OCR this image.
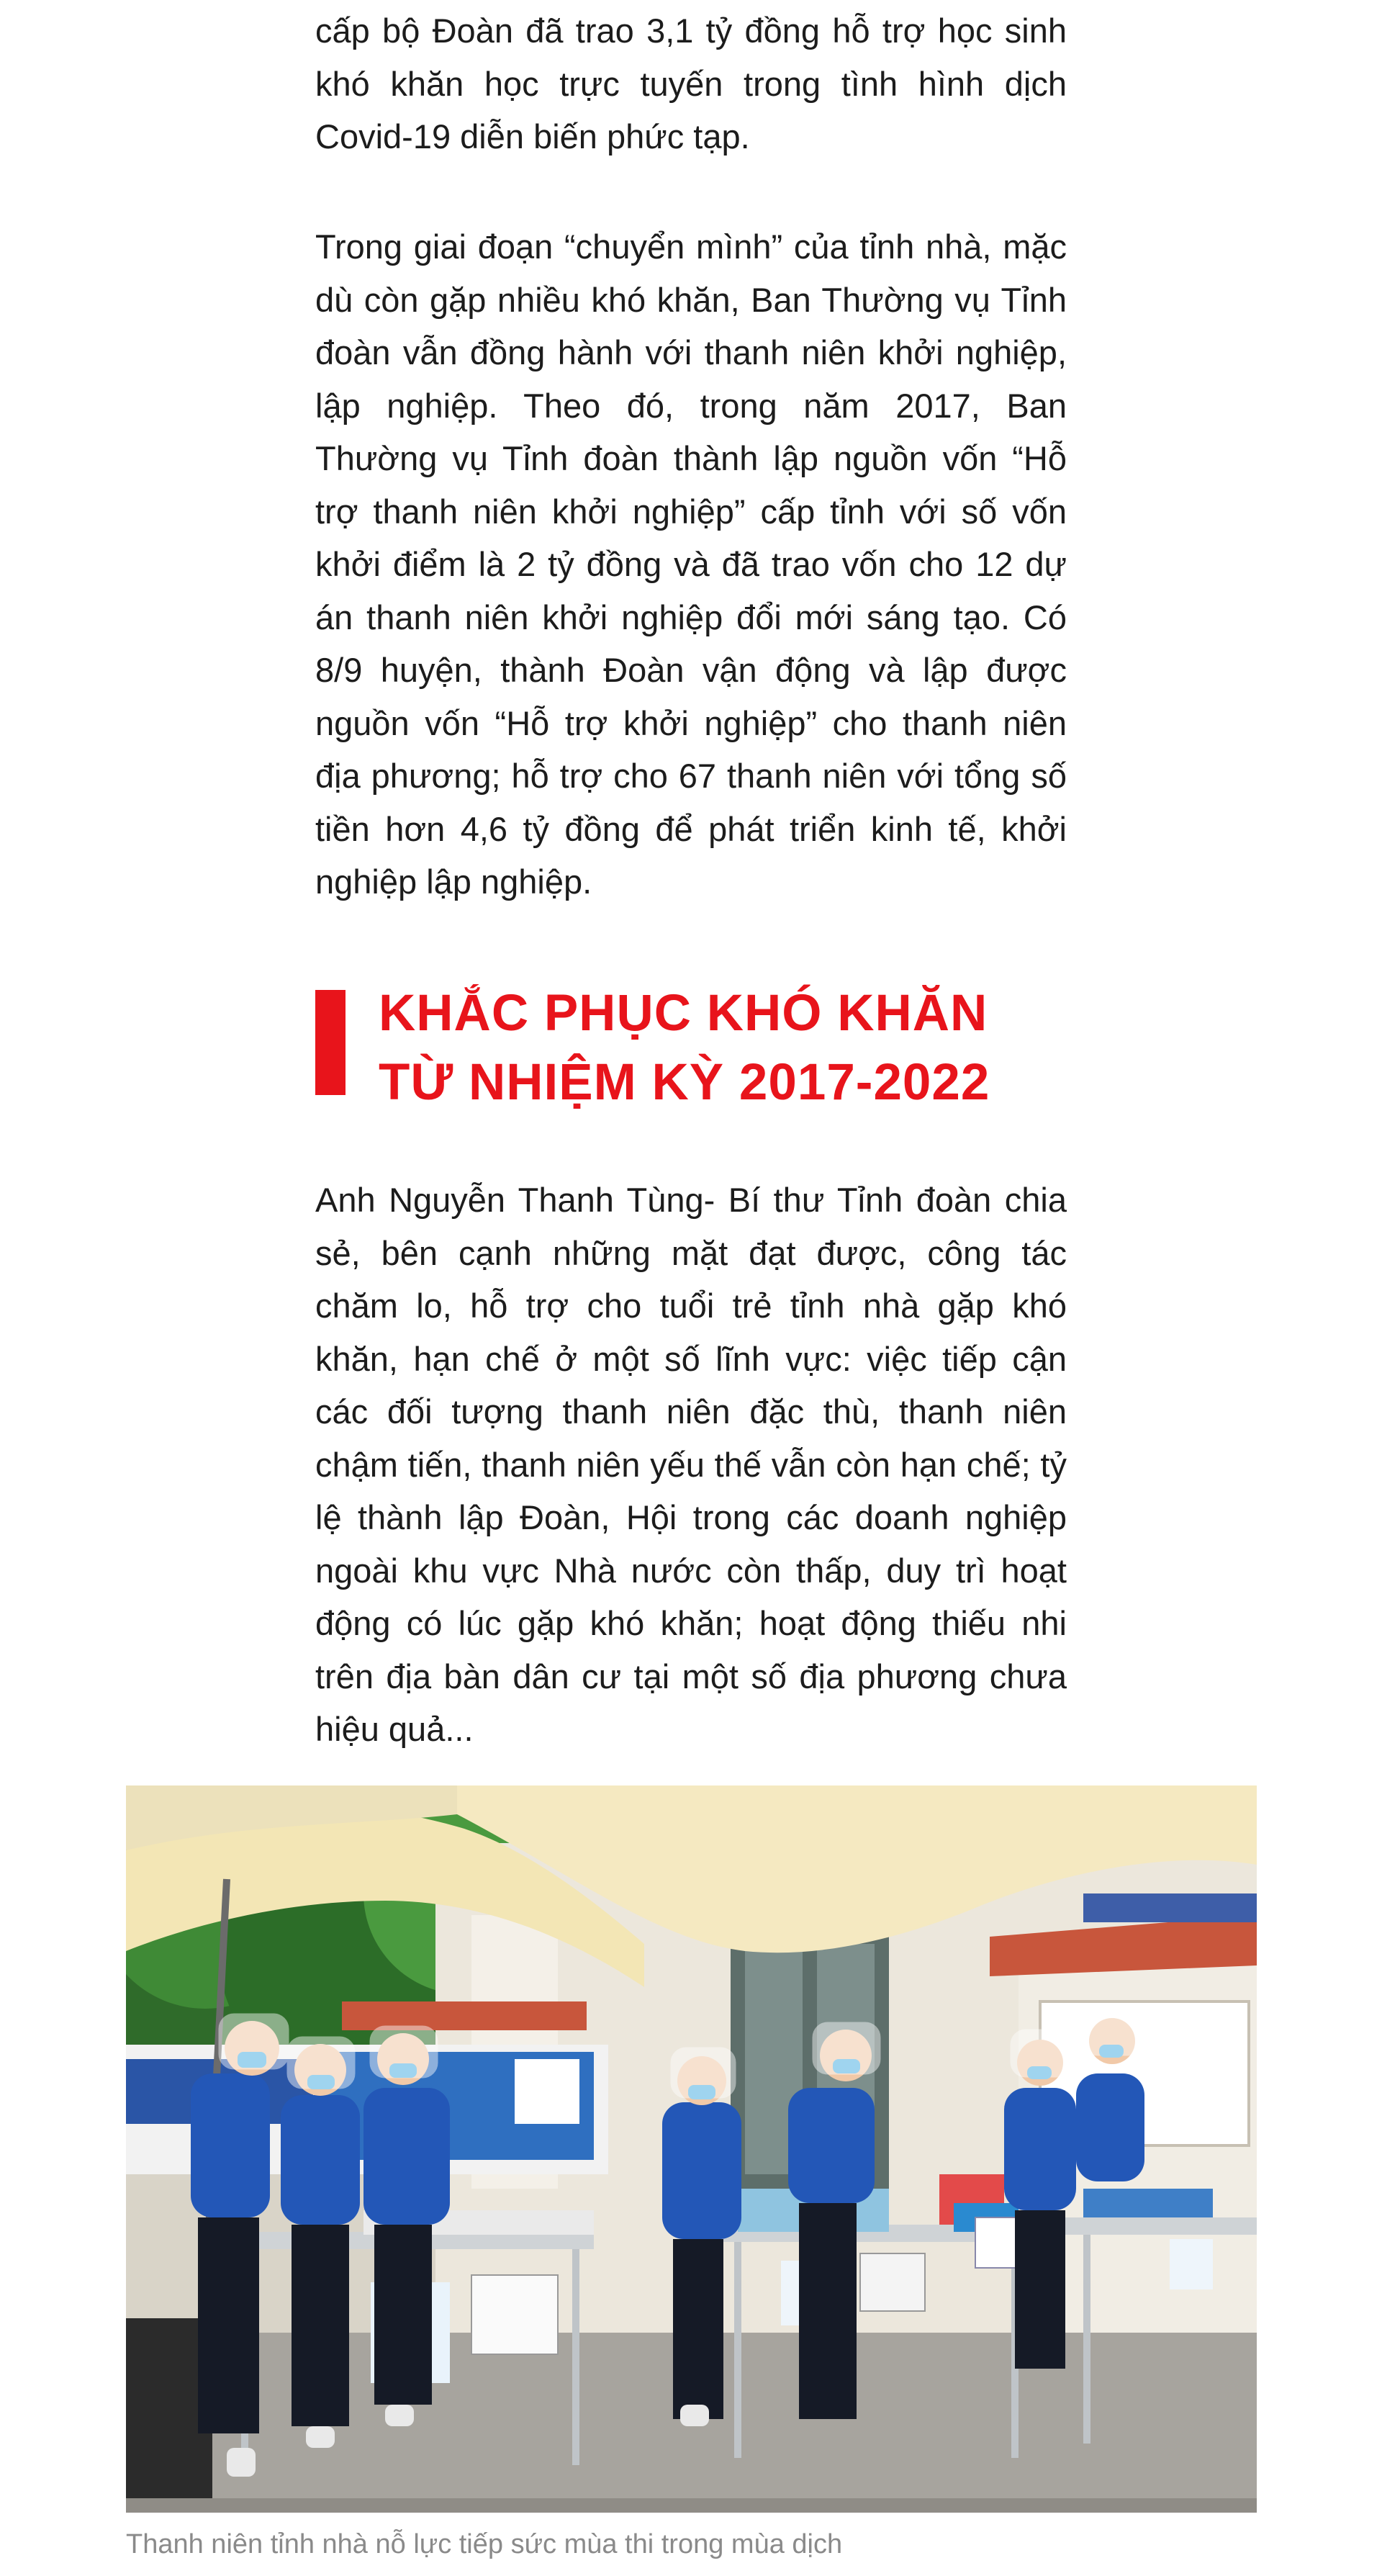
cấp bộ Đoàn đã trao 3,1 tỷ đồng hỗ trợ học sinh khó khăn học trực tuyến trong tình hình dịch Covid-19 diễn biến phức tạp.

Trong giai đoạn “chuyển mình” của tỉnh nhà, mặc dù còn gặp nhiều khó khăn, Ban Thường vụ Tỉnh đoàn vẫn đồng hành với thanh niên khởi nghiệp, lập nghiệp. Theo đó, trong năm 2017, Ban Thường vụ Tỉnh đoàn thành lập nguồn vốn “Hỗ trợ thanh niên khởi nghiệp” cấp tỉnh với số vốn khởi điểm là 2 tỷ đồng và đã trao vốn cho 12 dự án thanh niên khởi nghiệp đổi mới sáng tạo. Có 8/9 huyện, thành Đoàn vận động và lập được nguồn vốn “Hỗ trợ khởi nghiệp” cho thanh niên địa phương; hỗ trợ cho 67 thanh niên với tổng số tiền hơn 4,6 tỷ đồng để phát triển kinh tế, khởi nghiệp lập nghiệp.

KHẮC PHỤC KHÓ KHĂN
TỪ NHIỆM KỲ 2017-2022

Anh Nguyễn Thanh Tùng- Bí thư Tỉnh đoàn chia sẻ, bên cạnh những mặt đạt được, công tác chăm lo, hỗ trợ cho tuổi trẻ tỉnh nhà gặp khó khăn, hạn chế ở một số lĩnh vực: việc tiếp cận các đối tượng thanh niên đặc thù, thanh niên chậm tiến, thanh niên yếu thế vẫn còn hạn chế; tỷ lệ thành lập Đoàn, Hội trong các doanh nghiệp ngoài khu vực Nhà nước còn thấp, duy trì hoạt động có lúc gặp khó khăn; hoạt động thiếu nhi trên địa bàn dân cư tại một số địa phương chưa hiệu quả...

Thanh niên tỉnh nhà nỗ lực tiếp sức mùa thi trong mùa dịch
